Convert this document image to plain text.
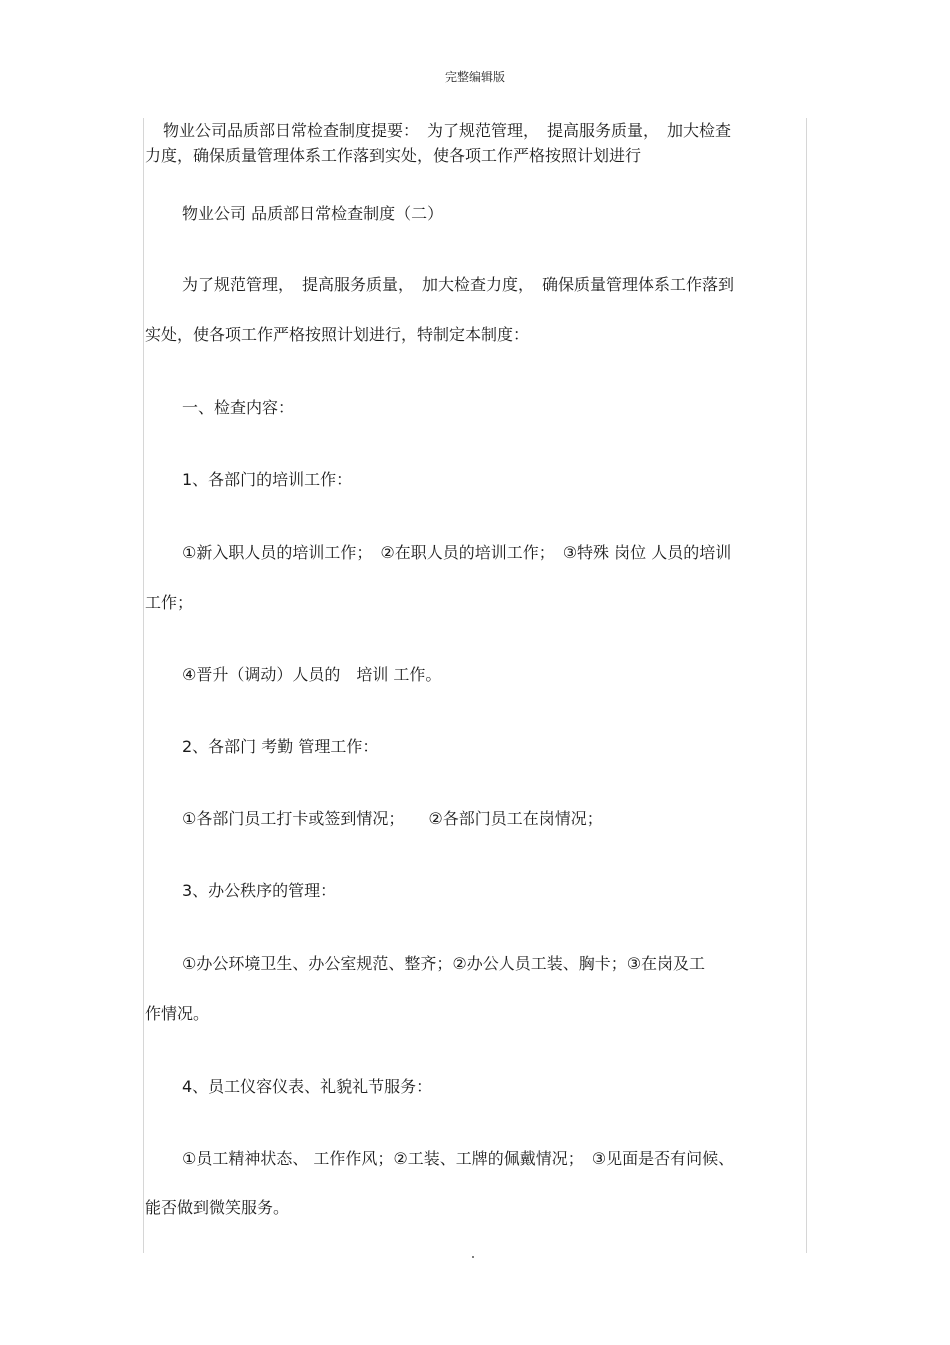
完整编辑版
物业公司品质部日常检查制度提要：　为了规范管理，　提高服务质量，　加大检查
力度，确保质量管理体系工作落到实处，使各项工作严格按照计划进行
物业公司 品质部日常检查制度（二）
为了规范管理，　提高服务质量，　加大检查力度，　确保质量管理体系工作落到
实处，使各项工作严格按照计划进行，特制定本制度：
一、检查内容：
1、各部门的培训工作：
①新入职人员的培训工作；　②在职人员的培训工作；　③特殊 岗位 人员的培训
工作；
④晋升（调动）人员的　培训 工作。
2、各部门 考勤 管理工作：
①各部门员工打卡或签到情况；　　②各部门员工在岗情况；
3、办公秩序的管理：
①办公环境卫生、办公室规范、整齐；②办公人员工装、胸卡；③在岗及工
作情况。
4、员工仪容仪表、礼貌礼节服务：
①员工精神状态、 工作作风；②工装、工牌的佩戴情况；　③见面是否有问候、
能否做到微笑服务。
